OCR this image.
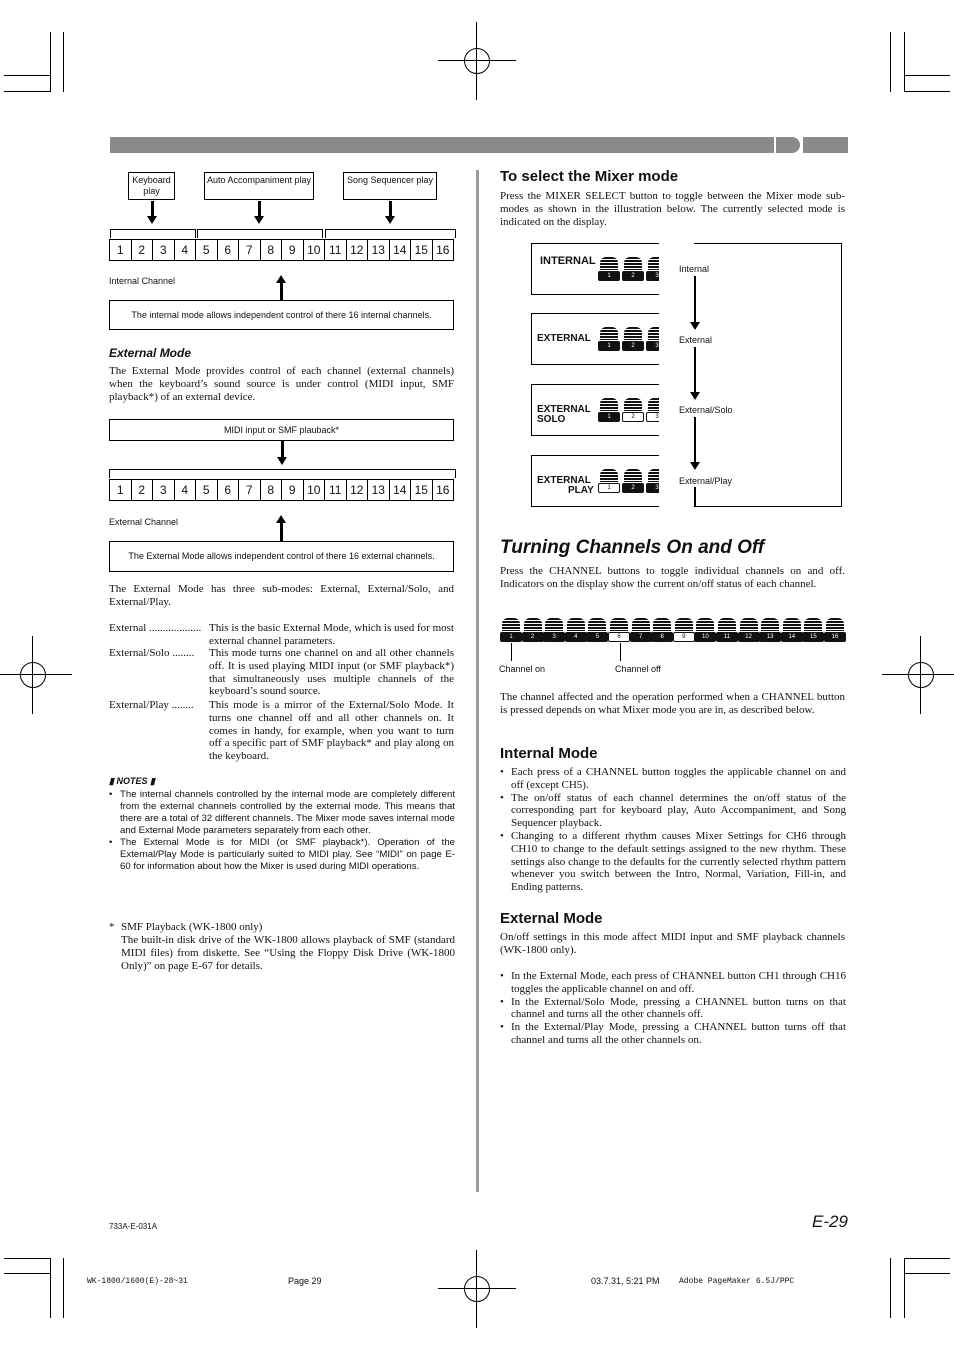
Keyboard play
Auto Accompaniment play	Song Sequencer play
1	2	3	4	5	6	7	8	9 10 11 12 13 14 15 16
Internal Channel
The internal mode allows independent control of there 16 internal channels.
External Mode
The External Mode provides control of each channel (external channels) when the keyboard’s sound source is under control (MIDI input, SMF playback*) of an external device.
MIDI input or SMF plauback*
1	2	3	4	5	6	7	8	9 10 11 12 13 14 15 16
External Channel
The External Mode allows independent control of there 16 external channels.
The External Mode has three sub-modes: External, External/Solo, and External/Play.
External ................... This is the basic External Mode, which is used for most external channel parameters.
External/Solo ........	This mode turns one channel on and all other channels off. It is used playing MIDI input (or SMF playback*) that simultaneously uses multiple channels of the keyboard’s sound source.
External/Play ........	This mode is a mirror of the External/Solo Mode. It turns one channel off and all other channels on. It comes in handy, for example, when you want to turn off a specific part of SMF playback* and play along on the keyboard.
▮ NOTES ▮
• The internal channels controlled by the internal mode are completely different from the external channels controlled by the external mode. This means that there are a total of 32 different channels. The Mixer mode saves internal mode and External Mode parameters separately from each other.
• The External Mode is for MIDI (or SMF playback*). Operation of the External/Play Mode is particularly suited to MIDI play. See “MIDI” on page E-60 for information about how the Mixer is used during MIDI operations.
* SMF Playback (WK-1800 only)
The built-in disk drive of the WK-1800 allows playback of SMF (standard MIDI files) from diskette. See “Using the Floppy Disk Drive (WK-1800 Only)” on page E-67 for details.
To select the Mixer mode
Press the MIXER SELECT button to toggle between the Mixer mode sub-modes as shown in the illustration below. The currently selected mode is indicated on the display.
INTERNAL
1	2	3
EXTERNAL
1	2	3
EXTERNAL
SOLO	1	2	3
EXTERNAL
PLAY	1	2	3
Internal
External
External/Solo
External/Play
Turning Channels On and Off
Press the CHANNEL buttons to toggle individual channels on and off. Indicators on the display show the current on/off status of each channel.
1	2	3	4	5	6	7	8	9	10	11	12	13	14	15	16
Channel on	Channel off
The channel affected and the operation performed when a CHANNEL button is pressed depends on what Mixer mode you are in, as described below.
Internal Mode
• Each press of a CHANNEL button toggles the applicable channel on and off (except CH5).
• The on/off status of each channel determines the on/off status of the corresponding part for keyboard play, Auto Accompaniment, and Song Sequencer playback.
• Changing to a different rhythm causes Mixer Settings for CH6 through CH10 to change to the default settings assigned to the new rhythm. These settings also change to the defaults for the currently selected rhythm pattern whenever you switch between the Intro, Normal, Variation, Fill-in, and Ending patterns.
External Mode
On/off settings in this mode affect MIDI input and SMF playback channels (WK-1800 only).
• In the External Mode, each press of CHANNEL button CH1 through CH16 toggles the applicable channel on and off.
• In the External/Solo Mode, pressing a CHANNEL button turns on that channel and turns all the other channels off.
• In the External/Play Mode, pressing a CHANNEL button turns off that channel and turns all the other channels on.
E-29
733A-E-031A
WK-1800/1600(E)-28~31	Page 29	03.7.31, 5:21 PM Adobe PageMaker 6.5J/PPC
